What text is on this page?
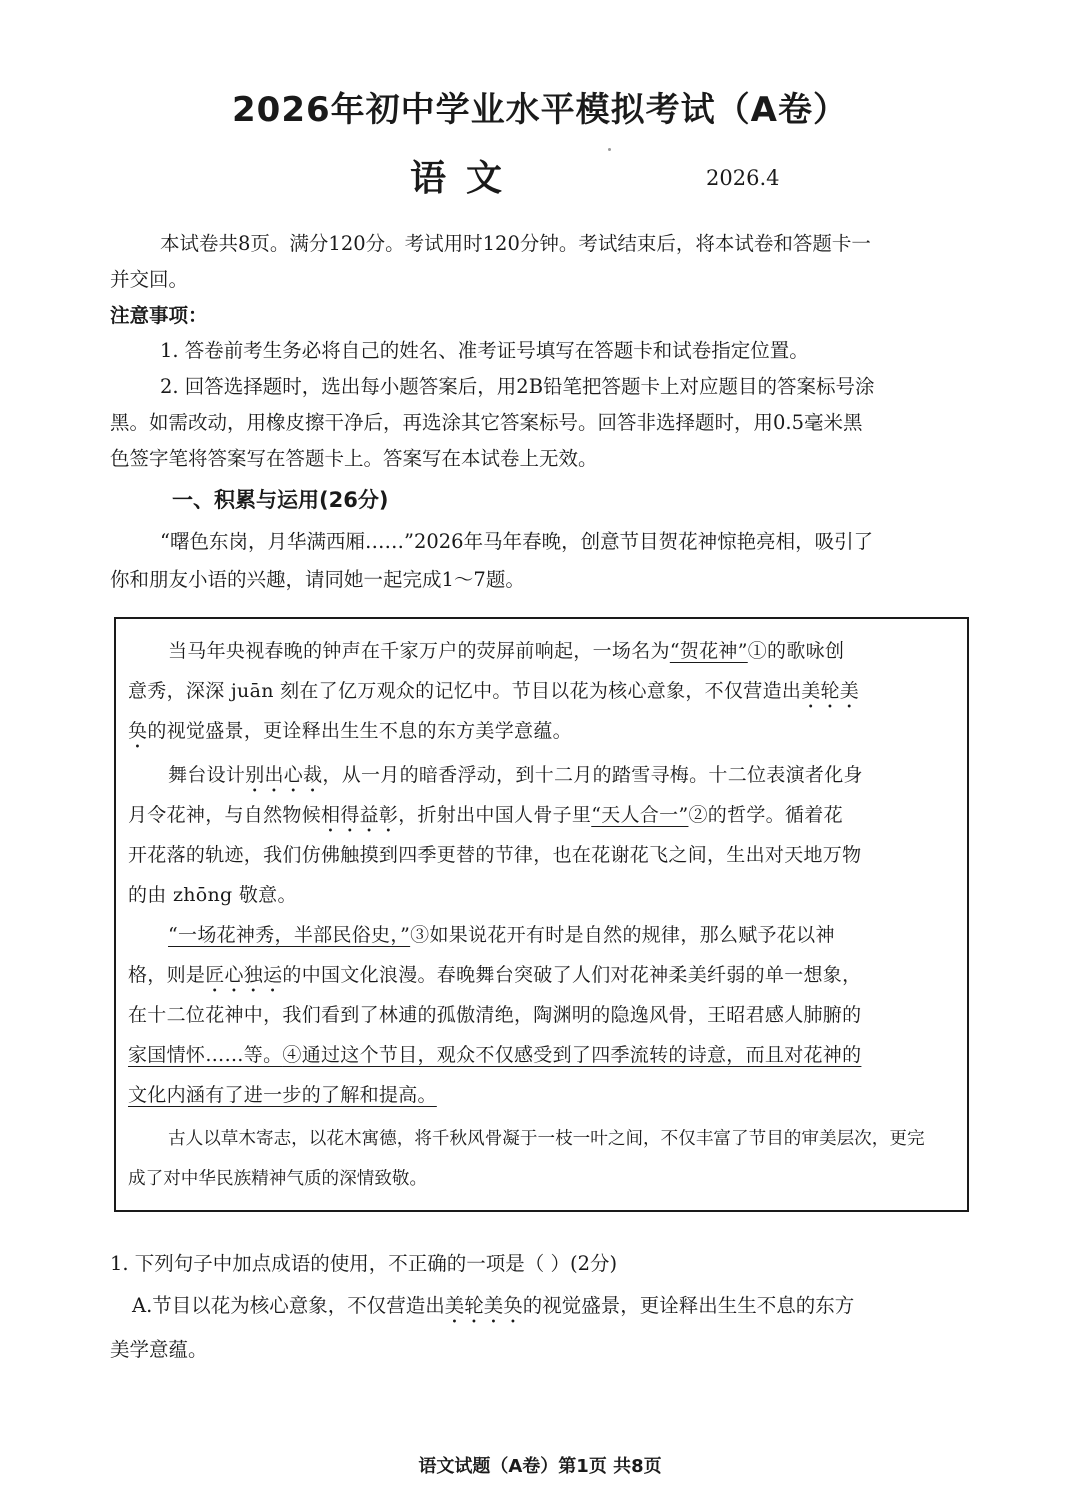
2026年初中学业水平模拟考试（A卷）
语文	2026.4
本试卷共8页。满分120分。考试用时120分钟。考试结束后，将本试卷和答题卡一
并交回。
注意事项：
1. 答卷前考生务必将自己的姓名、准考证号填写在答题卡和试卷指定位置。
2. 回答选择题时，选出每小题答案后，用2B铅笔把答题卡上对应题目的答案标号涂
黑。如需改动，用橡皮擦干净后，再选涂其它答案标号。回答非选择题时，用0.5毫米黑
色签字笔将答案写在答题卡上。答案写在本试卷上无效。
一、积累与运用(26分)
“曙色东岗，月华满西厢……”2026年马年春晚，创意节目贺花神惊艳亮相，吸引了
你和朋友小语的兴趣，请同她一起完成1～7题。
当马年央视春晚的钟声在千家万户的荧屏前响起，一场名为“贺花神”①的歌咏创
意秀，深深 juān 刻在了亿万观众的记忆中。节目以花为核心意象，不仅营造出美轮美
奂的视觉盛景，更诠释出生生不息的东方美学意蕴。
舞台设计别出心裁，从一月的暗香浮动，到十二月的踏雪寻梅。十二位表演者化身
月令花神，与自然物候相得益彰，折射出中国人骨子里“天人合一”②的哲学。循着花
开花落的轨迹，我们仿佛触摸到四季更替的节律，也在花谢花飞之间，生出对天地万物
的由 zhōng 敬意。
“一场花神秀，半部民俗史，”③如果说花开有时是自然的规律，那么赋予花以神
格，则是匠心独运的中国文化浪漫。春晚舞台突破了人们对花神柔美纤弱的单一想象，
在十二位花神中，我们看到了林逋的孤傲清绝，陶渊明的隐逸风骨，王昭君感人肺腑的
家国情怀……等。④通过这个节目，观众不仅感受到了四季流转的诗意，而且对花神的
文化内涵有了进一步的了解和提高。
古人以草木寄志，以花木寓德，将千秋风骨凝于一枝一叶之间，不仅丰富了节目的审美层次，更完
成了对中华民族精神气质的深情致敬。
1. 下列句子中加点成语的使用，不正确的一项是（ ）(2分)
A.节目以花为核心意象，不仅营造出美轮美奂的视觉盛景，更诠释出生生不息的东方
美学意蕴。
语文试题（A卷）第1页 共8页
